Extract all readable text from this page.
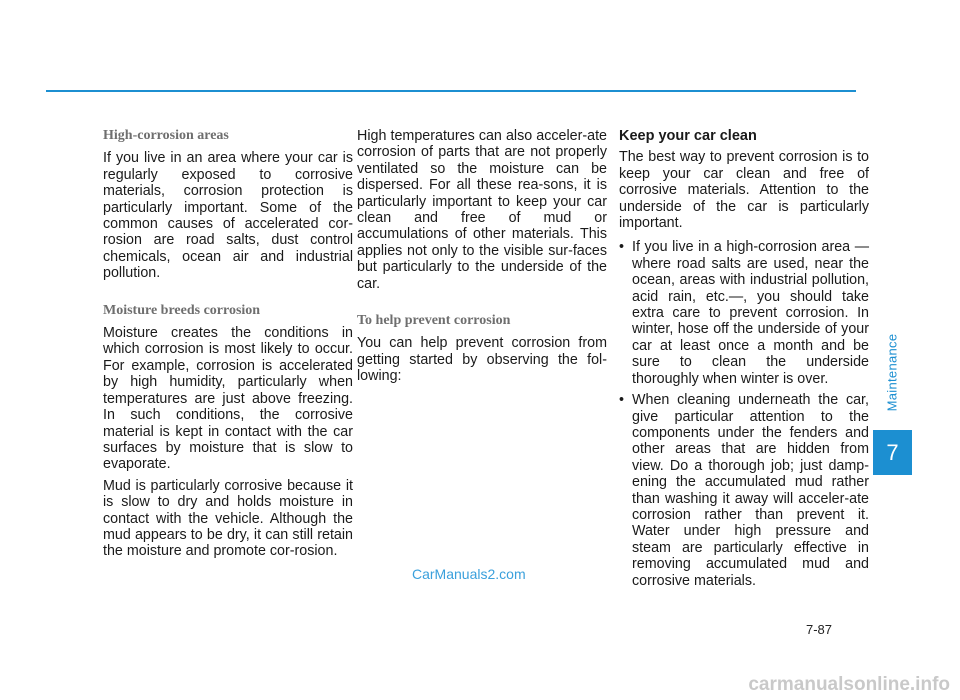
High-corrosion areas

If you live in an area where your car is regularly exposed to corrosive materials, corrosion protection is particularly important. Some of the common causes of accelerated cor-rosion are road salts, dust control chemicals, ocean air and industrial pollution.

Moisture breeds corrosion

Moisture creates the conditions in which corrosion is most likely to occur. For example, corrosion is accelerated by high humidity, particularly when temperatures are just above freezing. In such conditions, the corrosive material is kept in contact with the car surfaces by moisture that is slow to evaporate.

Mud is particularly corrosive because it is slow to dry and holds moisture in contact with the vehicle. Although the mud appears to be dry, it can still retain the moisture and promote cor-rosion.

High temperatures can also acceler-ate corrosion of parts that are not properly ventilated so the moisture can be dispersed. For all these rea-sons, it is particularly important to keep your car clean and free of mud or accumulations of other materials. This applies not only to the visible sur-faces but particularly to the underside of the car.

To help prevent corrosion

You can help prevent corrosion from getting started by observing the fol-lowing:

Keep your car clean

The best way to prevent corrosion is to keep your car clean and free of corrosive materials. Attention to the underside of the car is particularly important.

• If you live in a high-corrosion area — where road salts are used, near the ocean, areas with industrial pollution, acid rain, etc.—, you should take extra care to prevent corrosion. In winter, hose off the underside of your car at least once a month and be sure to clean the underside thoroughly when winter is over.
• When cleaning underneath the car, give particular attention to the components under the fenders and other areas that are hidden from view. Do a thorough job; just damp-ening the accumulated mud rather than washing it away will acceler-ate corrosion rather than prevent it. Water under high pressure and steam are particularly effective in removing accumulated mud and corrosive materials.
Maintenance
7
CarManuals2.com
7-87
carmanualsonline.info
